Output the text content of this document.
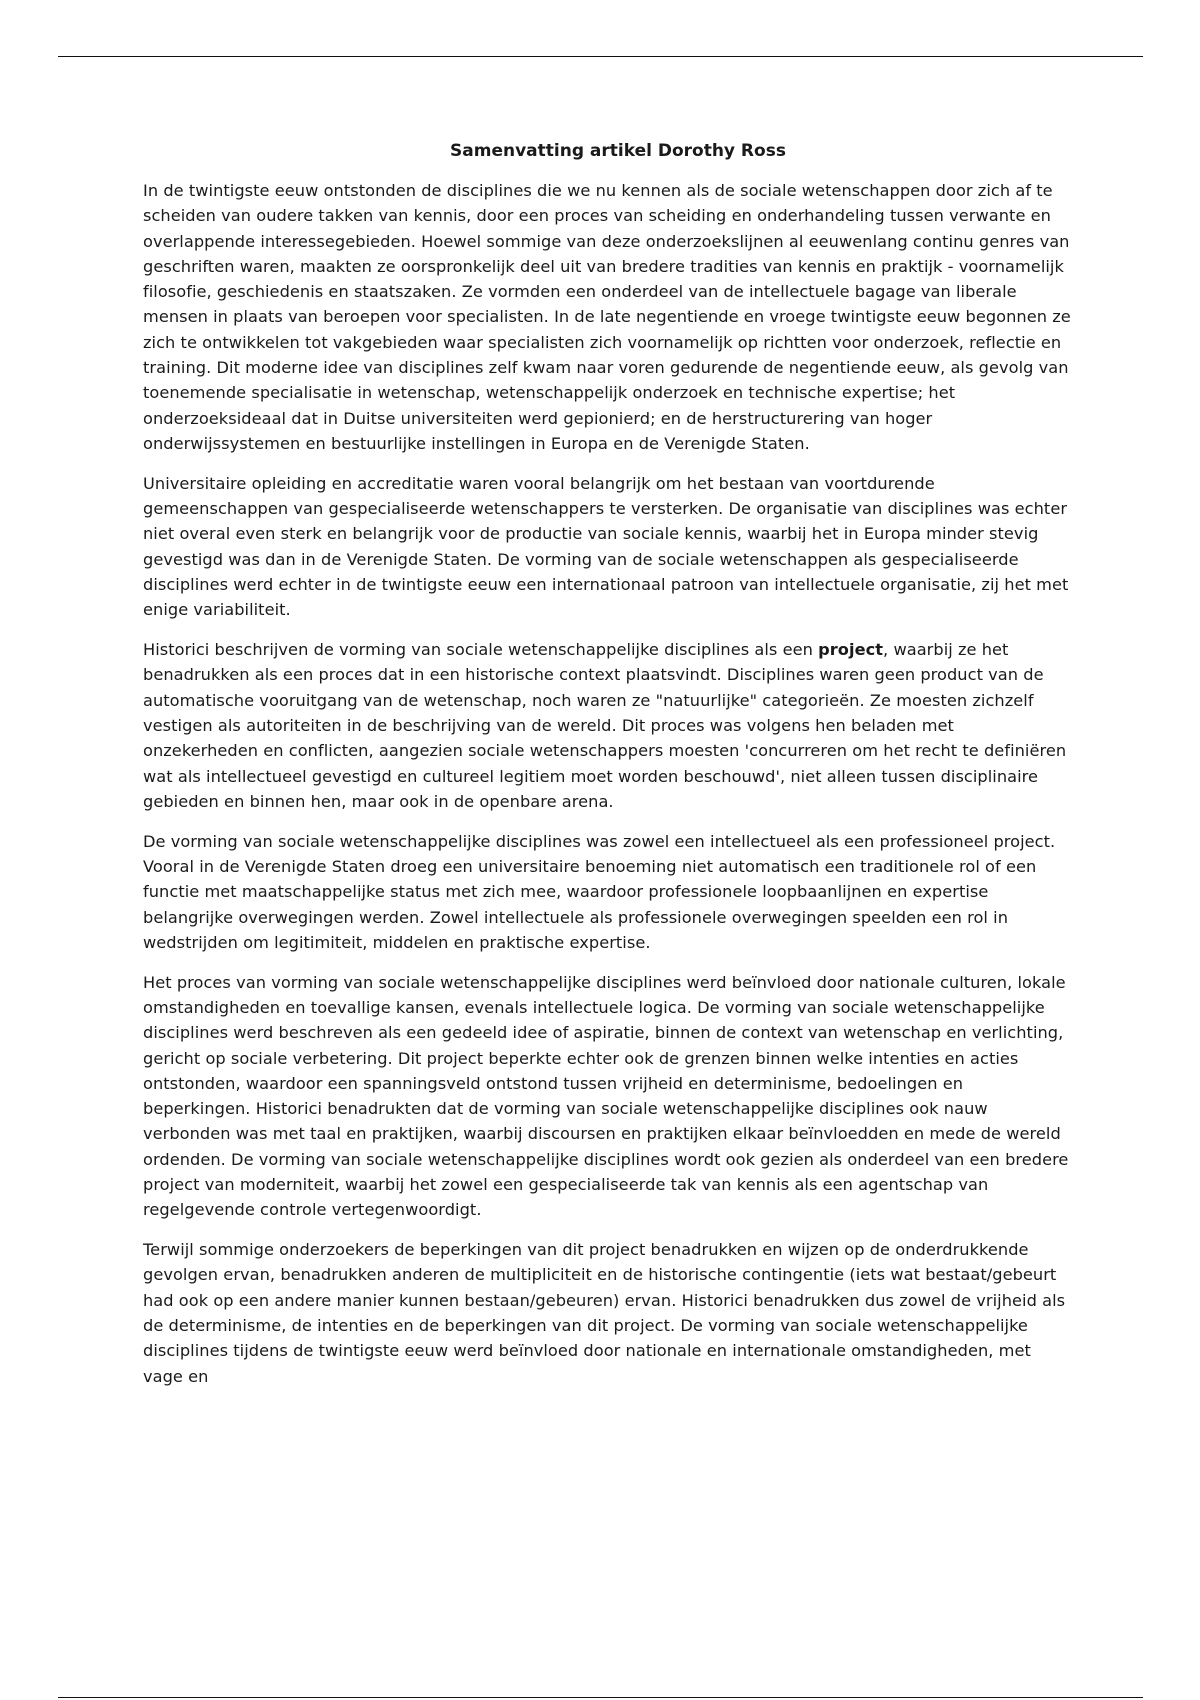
Samenvatting artikel Dorothy Ross

In de twintigste eeuw ontstonden de disciplines die we nu kennen als de sociale wetenschappen door zich af te scheiden van oudere takken van kennis, door een proces van scheiding en onderhandeling tussen verwante en overlappende interessegebieden. Hoewel sommige van deze onderzoekslijnen al eeuwenlang continu genres van geschriften waren, maakten ze oorspronkelijk deel uit van bredere tradities van kennis en praktijk - voornamelijk filosofie, geschiedenis en staatszaken. Ze vormden een onderdeel van de intellectuele bagage van liberale mensen in plaats van beroepen voor specialisten. In de late negentiende en vroege twintigste eeuw begonnen ze zich te ontwikkelen tot vakgebieden waar specialisten zich voornamelijk op richtten voor onderzoek, reflectie en training. Dit moderne idee van disciplines zelf kwam naar voren gedurende de negentiende eeuw, als gevolg van toenemende specialisatie in wetenschap, wetenschappelijk onderzoek en technische expertise; het onderzoeksideaal dat in Duitse universiteiten werd gepionierd; en de herstructurering van hoger onderwijssystemen en bestuurlijke instellingen in Europa en de Verenigde Staten.

Universitaire opleiding en accreditatie waren vooral belangrijk om het bestaan van voortdurende gemeenschappen van gespecialiseerde wetenschappers te versterken. De organisatie van disciplines was echter niet overal even sterk en belangrijk voor de productie van sociale kennis, waarbij het in Europa minder stevig gevestigd was dan in de Verenigde Staten. De vorming van de sociale wetenschappen als gespecialiseerde disciplines werd echter in de twintigste eeuw een internationaal patroon van intellectuele organisatie, zij het met enige variabiliteit.

Historici beschrijven de vorming van sociale wetenschappelijke disciplines als een project, waarbij ze het benadrukken als een proces dat in een historische context plaatsvindt. Disciplines waren geen product van de automatische vooruitgang van de wetenschap, noch waren ze "natuurlijke" categorieën. Ze moesten zichzelf vestigen als autoriteiten in de beschrijving van de wereld. Dit proces was volgens hen beladen met onzekerheden en conflicten, aangezien sociale wetenschappers moesten 'concurreren om het recht te definiëren wat als intellectueel gevestigd en cultureel legitiem moet worden beschouwd', niet alleen tussen disciplinaire gebieden en binnen hen, maar ook in de openbare arena.

De vorming van sociale wetenschappelijke disciplines was zowel een intellectueel als een professioneel project. Vooral in de Verenigde Staten droeg een universitaire benoeming niet automatisch een traditionele rol of een functie met maatschappelijke status met zich mee, waardoor professionele loopbaanlijnen en expertise belangrijke overwegingen werden. Zowel intellectuele als professionele overwegingen speelden een rol in wedstrijden om legitimiteit, middelen en praktische expertise.

Het proces van vorming van sociale wetenschappelijke disciplines werd beïnvloed door nationale culturen, lokale omstandigheden en toevallige kansen, evenals intellectuele logica. De vorming van sociale wetenschappelijke disciplines werd beschreven als een gedeeld idee of aspiratie, binnen de context van wetenschap en verlichting, gericht op sociale verbetering. Dit project beperkte echter ook de grenzen binnen welke intenties en acties ontstonden, waardoor een spanningsveld ontstond tussen vrijheid en determinisme, bedoelingen en beperkingen. Historici benadrukten dat de vorming van sociale wetenschappelijke disciplines ook nauw verbonden was met taal en praktijken, waarbij discoursen en praktijken elkaar beïnvloedden en mede de wereld ordenden. De vorming van sociale wetenschappelijke disciplines wordt ook gezien als onderdeel van een bredere project van moderniteit, waarbij het zowel een gespecialiseerde tak van kennis als een agentschap van regelgevende controle vertegenwoordigt.

Terwijl sommige onderzoekers de beperkingen van dit project benadrukken en wijzen op de onderdrukkende gevolgen ervan, benadrukken anderen de multipliciteit en de historische contingentie (iets wat bestaat/gebeurt had ook op een andere manier kunnen bestaan/gebeuren) ervan. Historici benadrukken dus zowel de vrijheid als de determinisme, de intenties en de beperkingen van dit project. De vorming van sociale wetenschappelijke disciplines tijdens de twintigste eeuw werd beïnvloed door nationale en internationale omstandigheden, met vage en
